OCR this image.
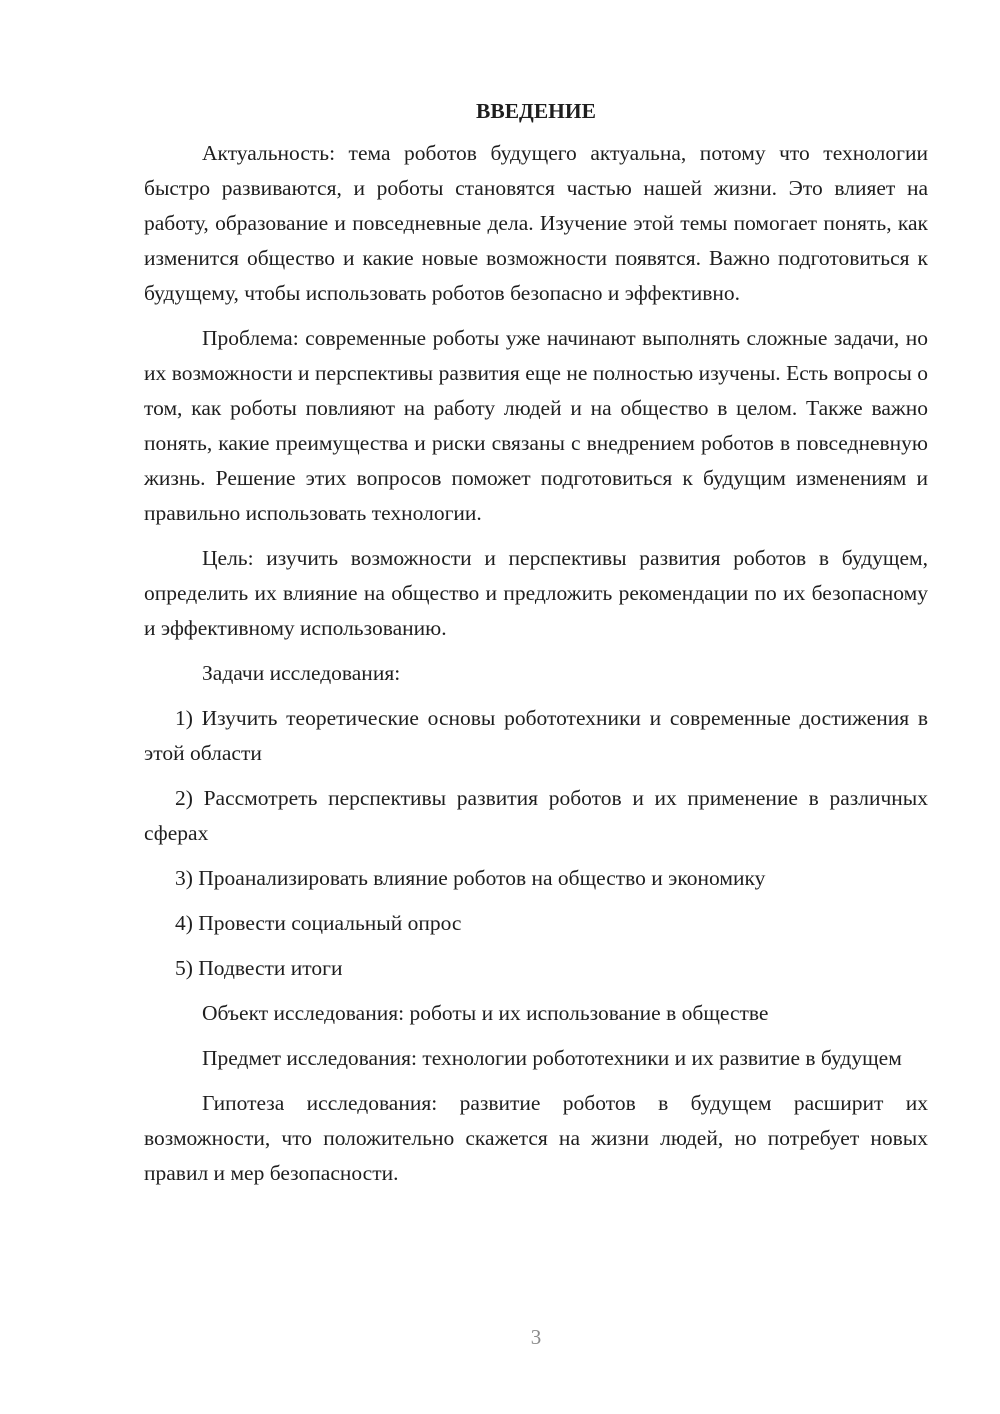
ВВЕДЕНИЕ

Актуальность: тема роботов будущего актуальна, потому что технологии быстро развиваются, и роботы становятся частью нашей жизни. Это влияет на работу, образование и повседневные дела. Изучение этой темы помогает понять, как изменится общество и какие новые возможности появятся. Важно подготовиться к будущему, чтобы использовать роботов безопасно и эффективно.

Проблема: современные роботы уже начинают выполнять сложные задачи, но их возможности и перспективы развития еще не полностью изучены. Есть вопросы о том, как роботы повлияют на работу людей и на общество в целом. Также важно понять, какие преимущества и риски связаны с внедрением роботов в повседневную жизнь. Решение этих вопросов поможет подготовиться к будущим изменениям и правильно использовать технологии.

Цель: изучить возможности и перспективы развития роботов в будущем, определить их влияние на общество и предложить рекомендации по их безопасному и эффективному использованию.

Задачи исследования:

1) Изучить теоретические основы робототехники и современные достижения в этой области

2) Рассмотреть перспективы развития роботов и их применение в различных сферах

3) Проанализировать влияние роботов на общество и экономику

4) Провести социальный опрос

5) Подвести итоги

Объект исследования: роботы и их использование в обществе

Предмет исследования: технологии робототехники и их развитие в будущем

Гипотеза исследования: развитие роботов в будущем расширит их возможности, что положительно скажется на жизни людей, но потребует новых правил и мер безопасности.

3
